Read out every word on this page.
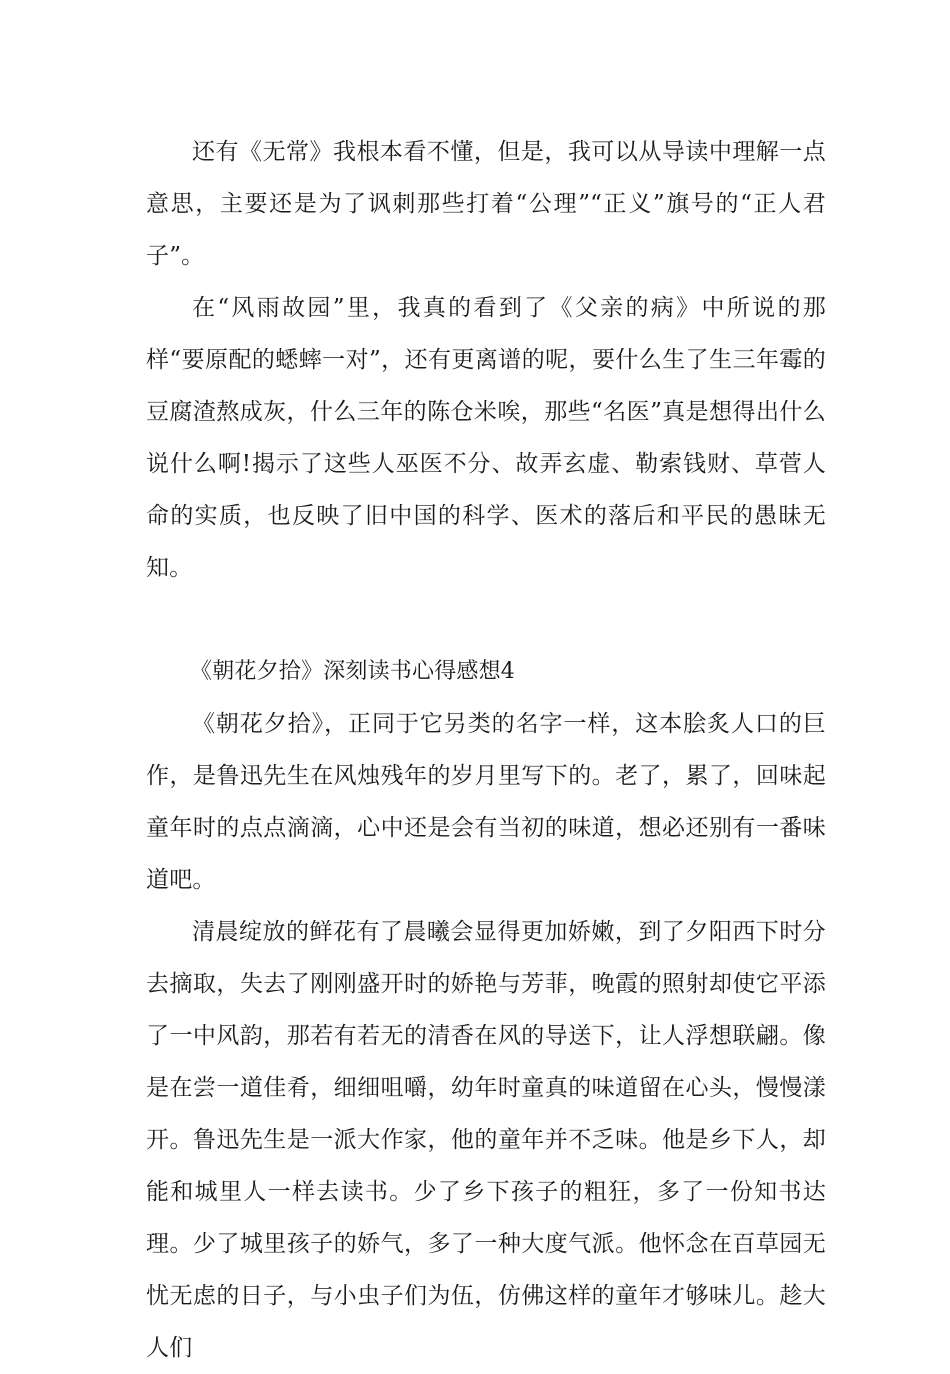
还有《无常》我根本看不懂，但是，我可以从导读中理解一点意思，主要还是为了讽刺那些打着“公理”“正义”旗号的“正人君子”。

在“风雨故园”里，我真的看到了《父亲的病》中所说的那样“要原配的蟋蟀一对”，还有更离谱的呢，要什么生了生三年霉的豆腐渣熬成灰，什么三年的陈仓米唉，那些“名医”真是想得出什么说什么啊!揭示了这些人巫医不分、故弄玄虚、勒索钱财、草菅人命的实质，也反映了旧中国的科学、医术的落后和平民的愚昧无知。

《朝花夕拾》深刻读书心得感想4

《朝花夕拾》，正同于它另类的名字一样，这本脍炙人口的巨作，是鲁迅先生在风烛残年的岁月里写下的。老了，累了，回味起童年时的点点滴滴，心中还是会有当初的味道，想必还别有一番味道吧。

清晨绽放的鲜花有了晨曦会显得更加娇嫩，到了夕阳西下时分去摘取，失去了刚刚盛开时的娇艳与芳菲，晚霞的照射却使它平添了一中风韵，那若有若无的清香在风的导送下，让人浮想联翩。像是在尝一道佳肴，细细咀嚼，幼年时童真的味道留在心头，慢慢漾开。鲁迅先生是一派大作家，他的童年并不乏味。他是乡下人，却能和城里人一样去读书。少了乡下孩子的粗狂，多了一份知书达理。少了城里孩子的娇气，多了一种大度气派。他怀念在百草园无忧无虑的日子，与小虫子们为伍，仿佛这样的童年才够味儿。趁大人们
